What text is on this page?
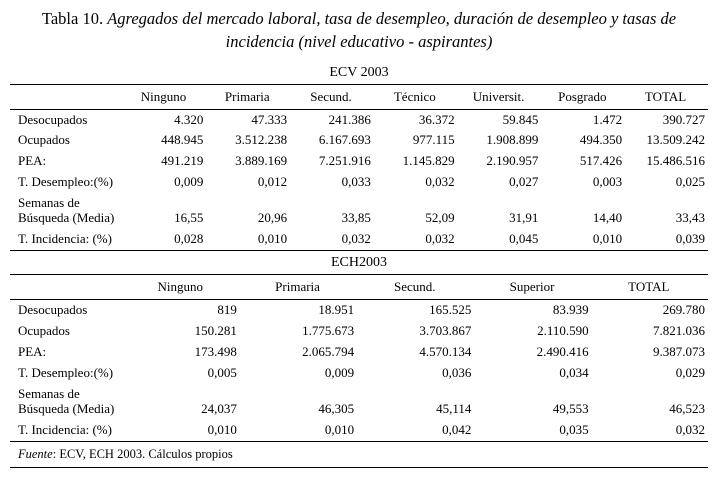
Tabla 10. Agregados del mercado laboral, tasa de desempleo, duración de desempleo y tasas de incidencia (nivel educativo - aspirantes)
ECV 2003
	Ninguno	Primaria	Secund.	Técnico	Universit.	Posgrado	TOTAL
Desocupados	4.320	47.333	241.386	36.372	59.845	1.472	390.727
Ocupados	448.945	3.512.238	6.167.693	977.115	1.908.899	494.350	13.509.242
PEA:	491.219	3.889.169	7.251.916	1.145.829	2.190.957	517.426	15.486.516
T. Desempleo:(%)	0,009	0,012	0,033	0,032	0,027	0,003	0,025
Semanas de							
Búsqueda (Media)	16,55	20,96	33,85	52,09	31,91	14,40	33,43
T. Incidencia: (%)	0,028	0,010	0,032	0,032	0,045	0,010	0,039
ECH2003
	Ninguno	Primaria	Secund.	Superior	TOTAL
Desocupados	819	18.951	165.525	83.939	269.780
Ocupados	150.281	1.775.673	3.703.867	2.110.590	7.821.036
PEA:	173.498	2.065.794	4.570.134	2.490.416	9.387.073
T. Desempleo:(%)	0,005	0,009	0,036	0,034	0,029
Semanas de					
Búsqueda (Media)	24,037	46,305	45,114	49,553	46,523
T. Incidencia: (%)	0,010	0,010	0,042	0,035	0,032
Fuente: ECV, ECH 2003. Cálculos propios
